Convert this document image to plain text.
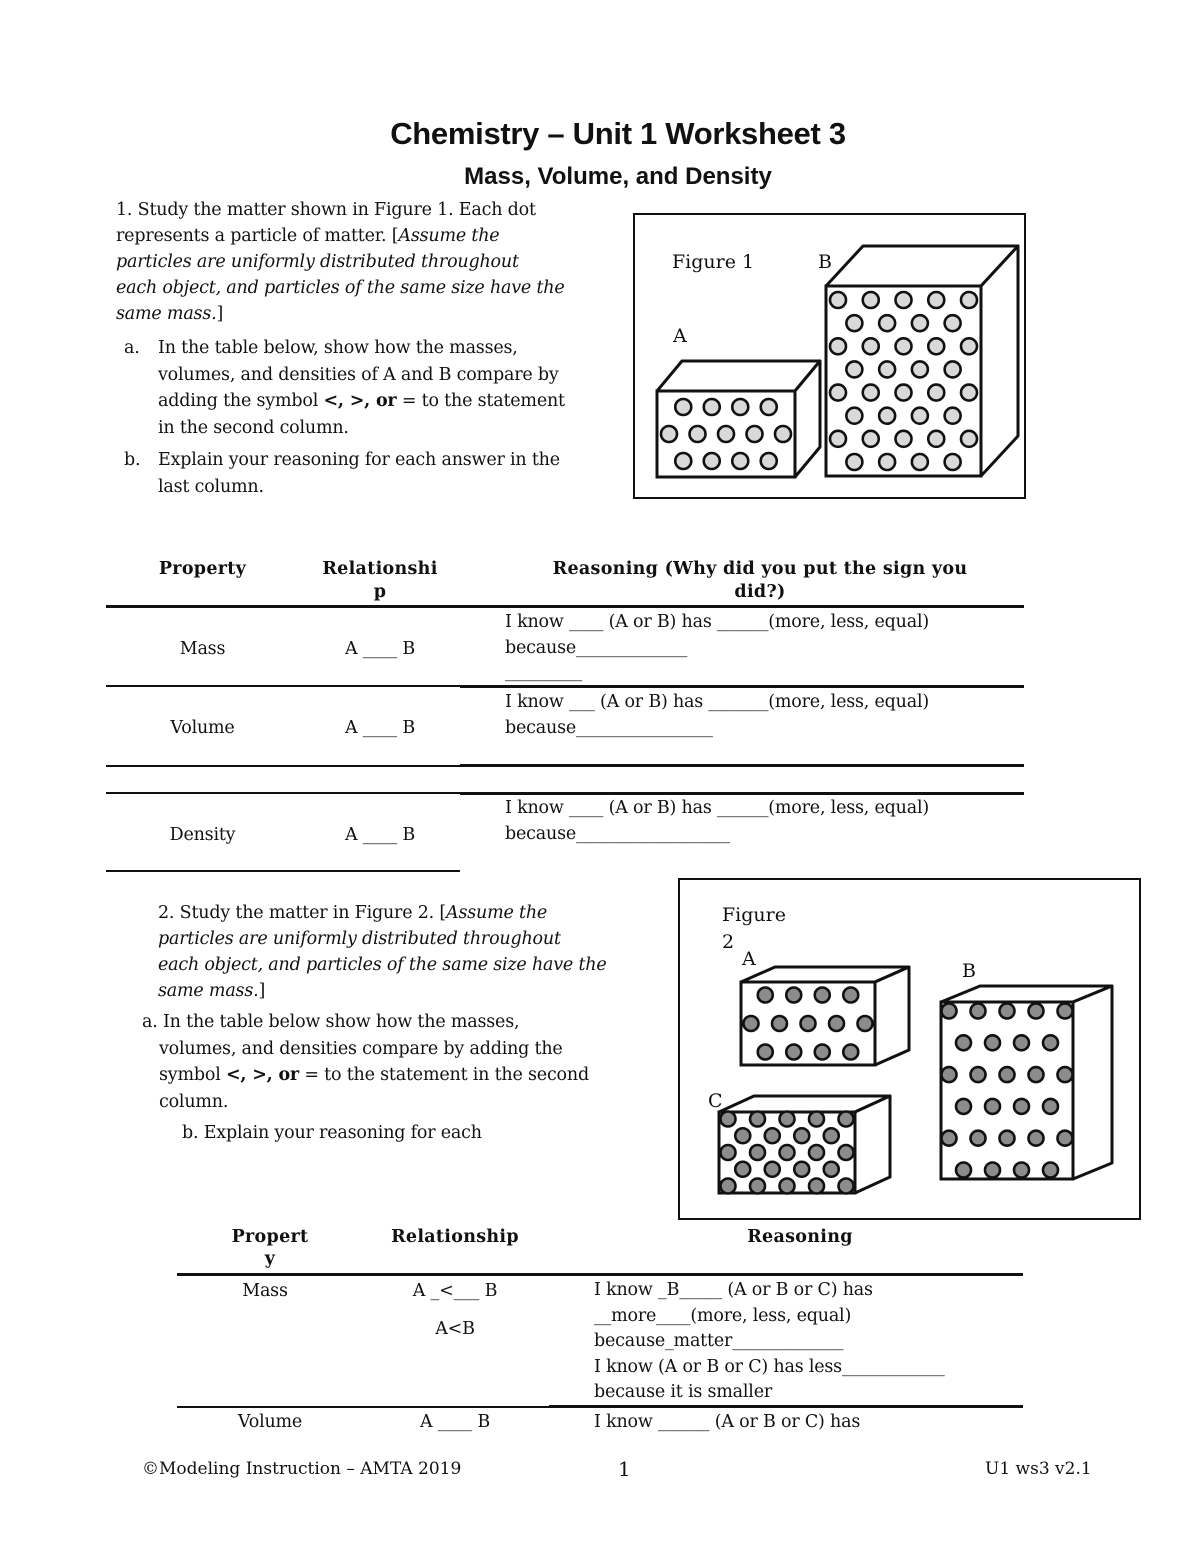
Chemistry – Unit 1 Worksheet 3
Mass, Volume, and Density
1. Study the matter shown in Figure 1. Each dot
represents a particle of matter. [Assume the
particles are uniformly distributed throughout
each object, and particles of the same size have the
same mass.]
a. In the table below, show how the masses,
volumes, and densities of A and B compare by
adding the symbol <, >, or = to the statement
in the second column.
b. Explain your reasoning for each answer in the
last column.
Figure 1
A
B
Property	Relationshi
p
Reasoning (Why did you put the sign you
did?)
Mass	A ____ B
I know ____ (A or B) has ______(more, less, equal)
because_____________
_________
Volume	A ____ B
I know ___ (A or B) has _______(more, less, equal)
because________________
Density	A ____ B
I know ____ (A or B) has ______(more, less, equal)
because__________________
2. Study the matter in Figure 2. [Assume the
particles are uniformly distributed throughout
each object, and particles of the same size have the
same mass.]
a. In the table below show how the masses,
volumes, and densities compare by adding the
symbol <, >, or = to the statement in the second
column.
b. Explain your reasoning for each
Figure
2
A
B
C
Propert
y
Relationship	Reasoning
Mass	A _<___ B
A<B
I know _B_____ (A or B or C) has
__more____(more, less, equal)
because_matter_____________
I know (A or B or C) has less____________
because it is smaller
Volume	A ____ B	I know ______ (A or B or C) has
©Modeling Instruction – AMTA 2019	1	U1 ws3 v2.1
